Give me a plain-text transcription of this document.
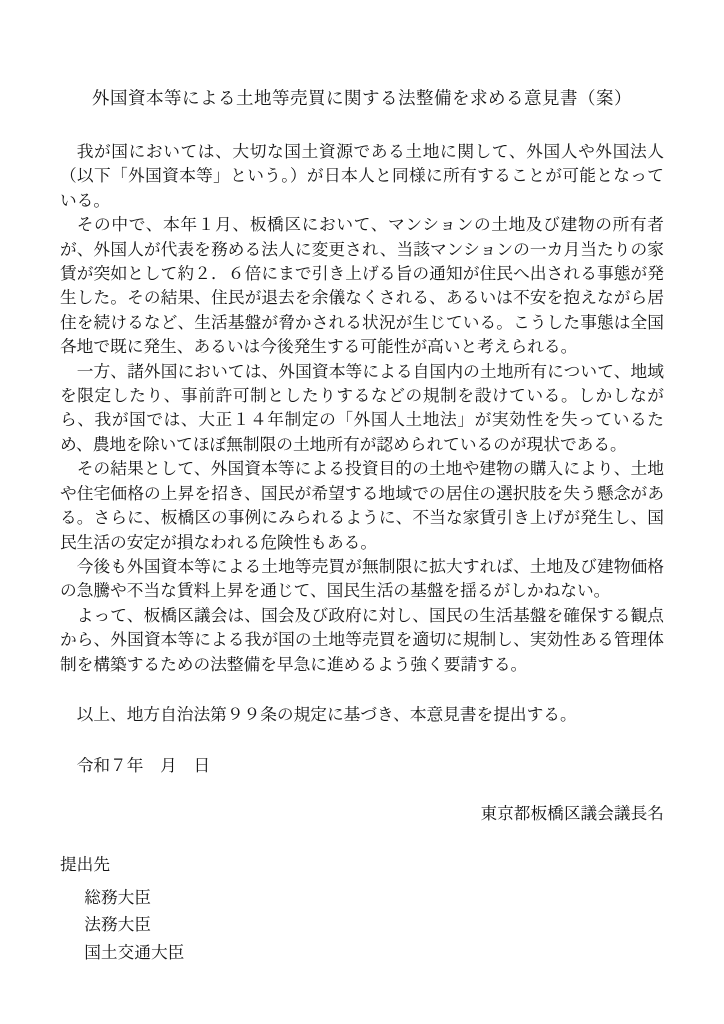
外国資本等による土地等売買に関する法整備を求める意見書（案）

我が国においては、大切な国土資源である土地に関して、外国人や外国法人（以下「外国資本等」という。）が日本人と同様に所有することが可能となっている。

その中で、本年１月、板橋区において、マンションの土地及び建物の所有者が、外国人が代表を務める法人に変更され、当該マンションの一カ月当たりの家賃が突如として約２．６倍にまで引き上げる旨の通知が住民へ出される事態が発生した。その結果、住民が退去を余儀なくされる、あるいは不安を抱えながら居住を続けるなど、生活基盤が脅かされる状況が生じている。こうした事態は全国各地で既に発生、あるいは今後発生する可能性が高いと考えられる。

一方、諸外国においては、外国資本等による自国内の土地所有について、地域を限定したり、事前許可制としたりするなどの規制を設けている。しかしながら、我が国では、大正１４年制定の「外国人土地法」が実効性を失っているため、農地を除いてほぼ無制限の土地所有が認められているのが現状である。

その結果として、外国資本等による投資目的の土地や建物の購入により、土地や住宅価格の上昇を招き、国民が希望する地域での居住の選択肢を失う懸念がある。さらに、板橋区の事例にみられるように、不当な家賃引き上げが発生し、国民生活の安定が損なわれる危険性もある。

今後も外国資本等による土地等売買が無制限に拡大すれば、土地及び建物価格の急騰や不当な賃料上昇を通じて、国民生活の基盤を揺るがしかねない。

よって、板橋区議会は、国会及び政府に対し、国民の生活基盤を確保する観点から、外国資本等による我が国の土地等売買を適切に規制し、実効性ある管理体制を構築するための法整備を早急に進めるよう強く要請する。

以上、地方自治法第９９条の規定に基づき、本意見書を提出する。

令和７年　月　日

東京都板橋区議会議長名

提出先

総務大臣
法務大臣
国土交通大臣
